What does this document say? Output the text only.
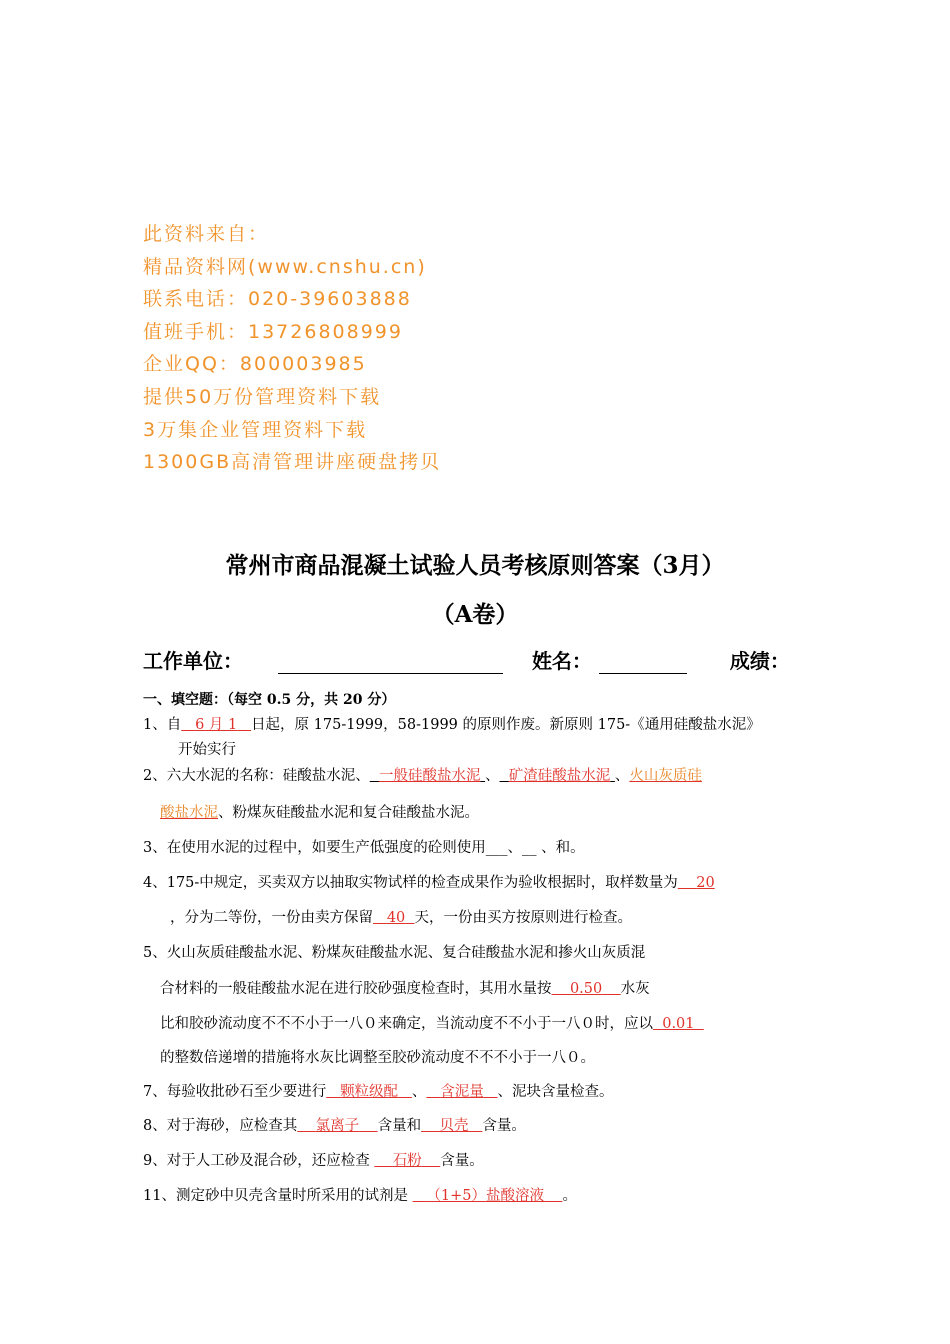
此资料来自：
精品资料网(www.cnshu.cn)
联系电话：020-39603888
值班手机：13726808999
企业QQ：800003985
提供50万份管理资料下载
3万集企业管理资料下载
1300GB高清管理讲座硬盘拷贝
常州市商品混凝土试验人员考核原则答案（3月）
（A卷）
工作单位：	姓名：	成绩：
一、填空题：（每空 0.5 分，共 20 分）
1、自 6 月 1 日起，原 175-1999，58-1999 的原则作废。新原则 175-《通用硅酸盐水泥》
开始实行
2、六大水泥的名称：硅酸盐水泥、 一般硅酸盐水泥 、 矿渣硅酸盐水泥 、火山灰质硅
酸盐水泥、粉煤灰硅酸盐水泥和复合硅酸盐水泥。
3、在使用水泥的过程中，如要生产低强度的砼则使用___、__ 、和。
4、175-中规定，买卖双方以抽取实物试样的检查成果作为验收根据时，取样数量为 20
，分为二等份，一份由卖方保留 40 天，一份由买方按原则进行检查。
5、火山灰质硅酸盐水泥、粉煤灰硅酸盐水泥、复合硅酸盐水泥和掺火山灰质混
合材料的一般硅酸盐水泥在进行胶砂强度检查时，其用水量按 0.50 水灰
比和胶砂流动度不不不小于一八０来确定，当流动度不不小于一八０时，应以 0.01
的整数倍递增的措施将水灰比调整至胶砂流动度不不不小于一八０。
7、每验收批砂石至少要进行 颗粒级配 、 含泥量 、泥块含量检查。
8、对于海砂，应检查其 氯离子 含量和 贝壳 含量。
9、对于人工砂及混合砂，还应检查     石粉 含量。
11、测定砂中贝壳含量时所采用的试剂是    （1+5）盐酸溶液 。
